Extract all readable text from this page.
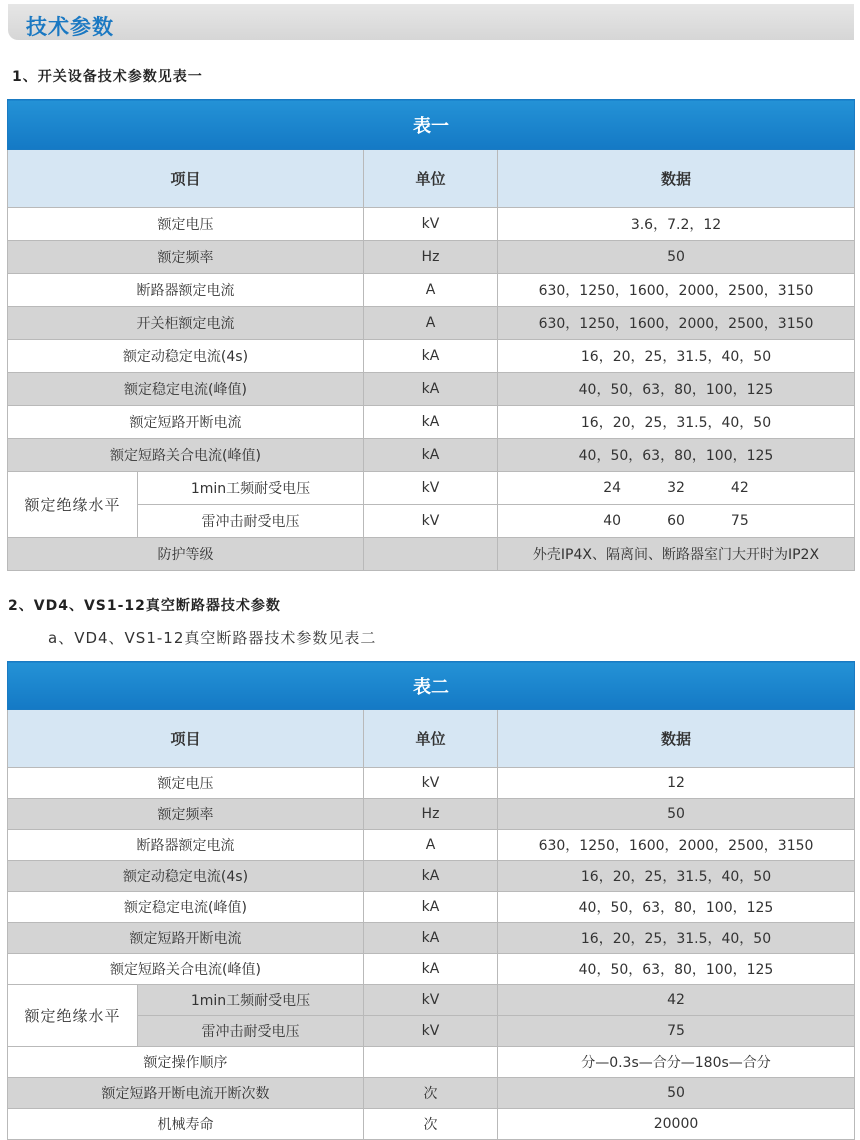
技术参数
1、开关设备技术参数见表一
表一			
项目		单位	数据
额定电压		kV	3.6，7.2，12
额定频率		Hz	50
断路器额定电流		A	630，1250，1600，2000，2500，3150
开关柜额定电流		A	630，1250，1600，2000，2500，3150
额定动稳定电流(4s)		kA	16，20，25，31.5，40，50
额定稳定电流(峰值)		kA	40，50，63，80，100，125
额定短路开断电流		kA	16，20，25，31.5，40，50
额定短路关合电流(峰值)		kA	40，50，63，80，100，125
额定绝缘水平	1min工频耐受电压	kV	24 32 42

	雷冲击耐受电压	kV	40 60 75

防护等级			外壳IP4X、隔离间、断路器室门大开时为IP2X
2、VD4、VS1-12真空断路器技术参数
a、VD4、VS1-12真空断路器技术参数见表二
表二			
项目		单位	数据
额定电压		kV	12
额定频率		Hz	50
断路器额定电流		A	630，1250，1600，2000，2500，3150
额定动稳定电流(4s)		kA	16，20，25，31.5，40，50
额定稳定电流(峰值)		kA	40，50，63，80，100，125
额定短路开断电流		kA	16，20，25，31.5，40，50
额定短路关合电流(峰值)		kA	40，50，63，80，100，125
额定绝缘水平	1min工频耐受电压	kV	42
	雷冲击耐受电压	kV	75
额定操作顺序			分—0.3s—合分—180s—合分
额定短路开断电流开断次数		次	50
机械寿命		次	20000
